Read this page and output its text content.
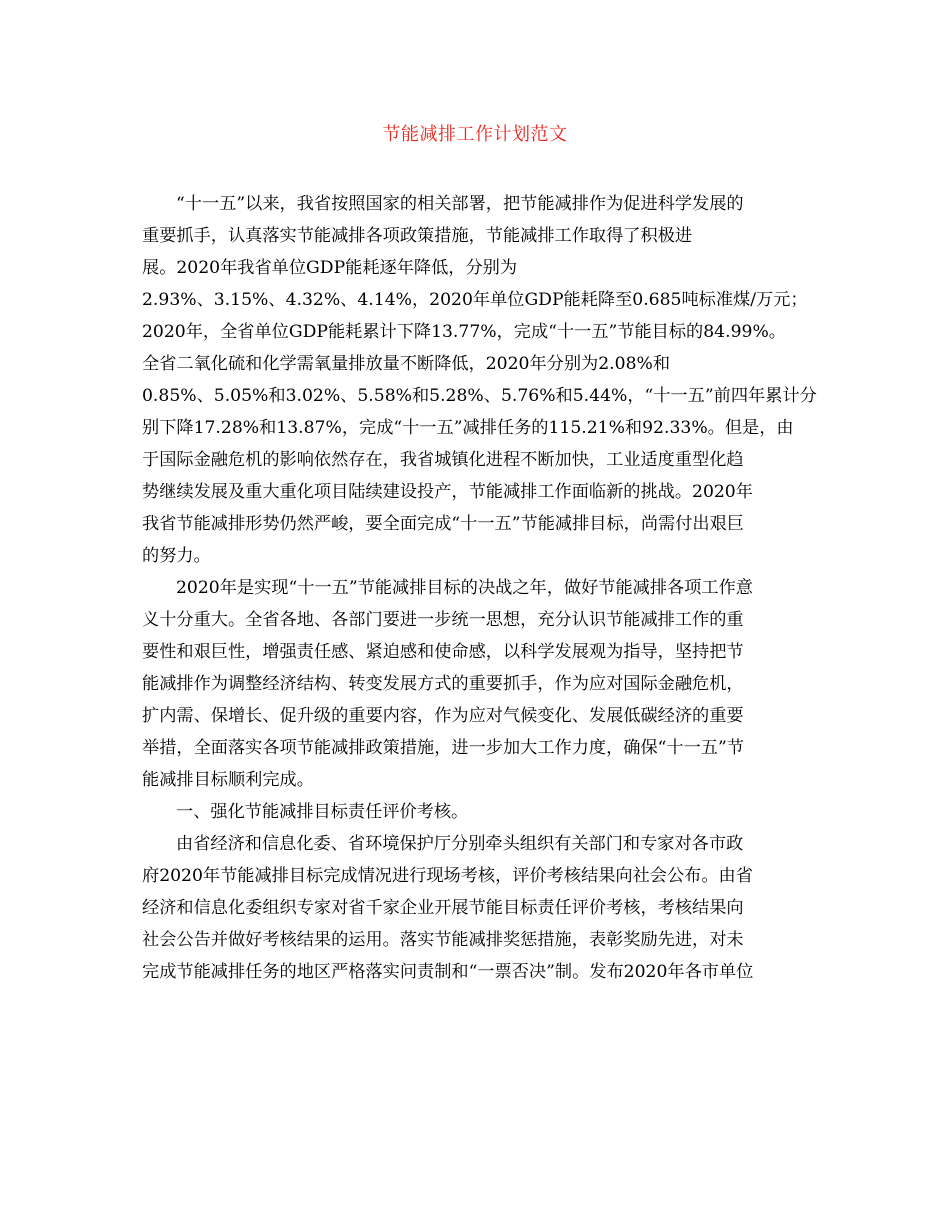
节能减排工作计划范文
“十一五”以来，我省按照国家的相关部署，把节能减排作为促进科学发展的
重要抓手，认真落实节能减排各项政策措施，节能减排工作取得了积极进
展。2020年我省单位GDP能耗逐年降低，分别为
2.93%、3.15%、4.32%、4.14%，2020年单位GDP能耗降至0.685吨标准煤/万元；
2020年，全省单位GDP能耗累计下降13.77%，完成“十一五”节能目标的84.99%。
全省二氧化硫和化学需氧量排放量不断降低，2020年分别为2.08%和
0.85%、5.05%和3.02%、5.58%和5.28%、5.76%和5.44%，“十一五”前四年累计分
别下降17.28%和13.87%，完成“十一五”减排任务的115.21%和92.33%。但是，由
于国际金融危机的影响依然存在，我省城镇化进程不断加快，工业适度重型化趋
势继续发展及重大重化项目陆续建设投产，节能减排工作面临新的挑战。2020年
我省节能减排形势仍然严峻，要全面完成“十一五”节能减排目标，尚需付出艰巨
的努力。
2020年是实现“十一五”节能减排目标的决战之年，做好节能减排各项工作意
义十分重大。全省各地、各部门要进一步统一思想，充分认识节能减排工作的重
要性和艰巨性，增强责任感、紧迫感和使命感，以科学发展观为指导，坚持把节
能减排作为调整经济结构、转变发展方式的重要抓手，作为应对国际金融危机，
扩内需、保增长、促升级的重要内容，作为应对气候变化、发展低碳经济的重要
举措，全面落实各项节能减排政策措施，进一步加大工作力度，确保“十一五”节
能减排目标顺利完成。
一、强化节能减排目标责任评价考核。
由省经济和信息化委、省环境保护厅分别牵头组织有关部门和专家对各市政
府2020年节能减排目标完成情况进行现场考核，评价考核结果向社会公布。由省
经济和信息化委组织专家对省千家企业开展节能目标责任评价考核，考核结果向
社会公告并做好考核结果的运用。落实节能减排奖惩措施，表彰奖励先进，对未
完成节能减排任务的地区严格落实问责制和“一票否决”制。发布2020年各市单位
